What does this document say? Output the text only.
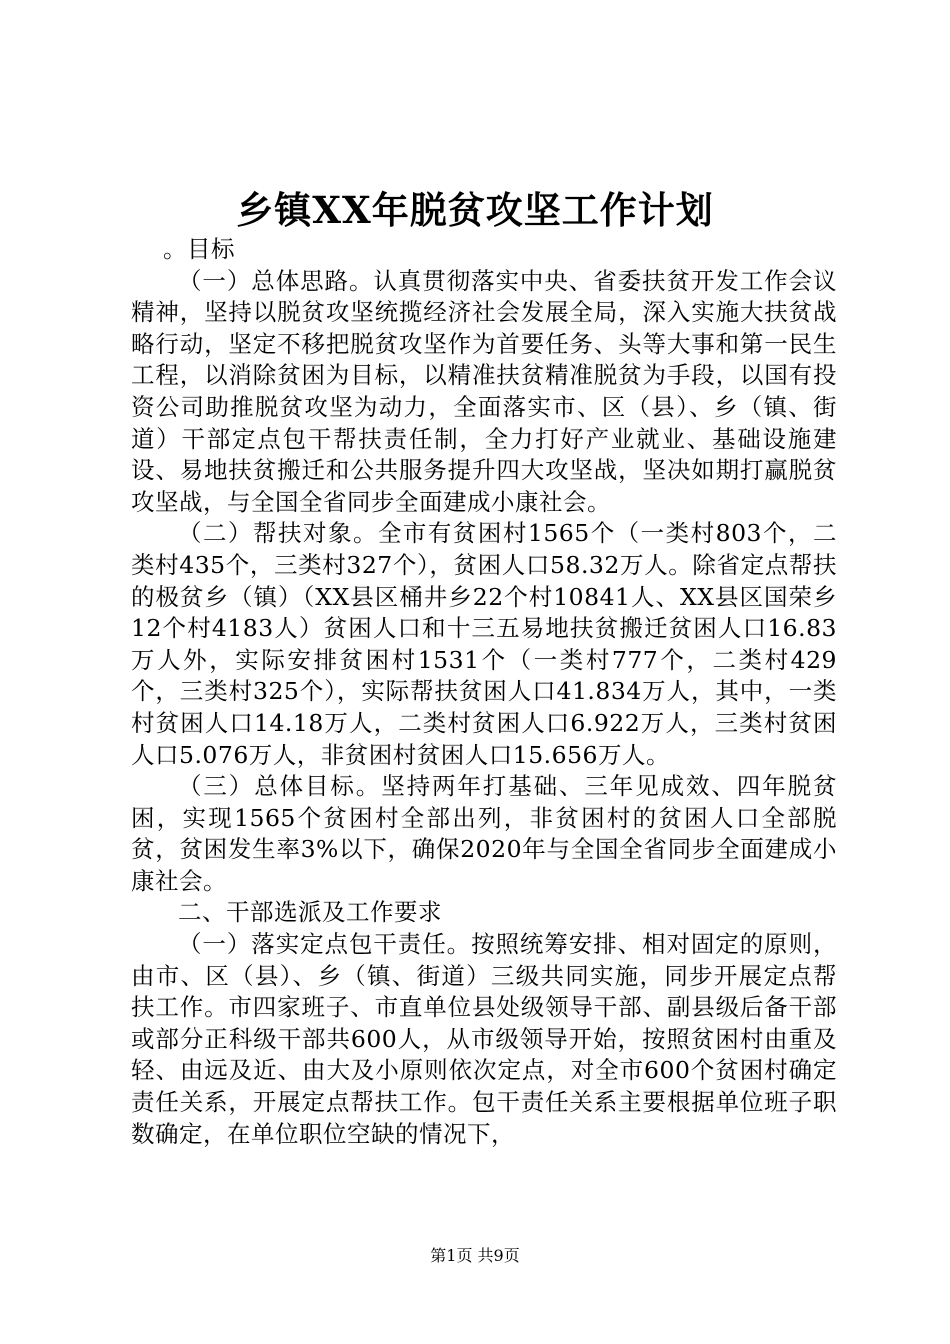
乡镇XX年脱贫攻坚工作计划

。目标

（一）总体思路。认真贯彻落实中央、省委扶贫开发工作会议精神，坚持以脱贫攻坚统揽经济社会发展全局，深入实施大扶贫战略行动，坚定不移把脱贫攻坚作为首要任务、头等大事和第一民生工程，以消除贫困为目标，以精准扶贫精准脱贫为手段，以国有投资公司助推脱贫攻坚为动力，全面落实市、区（县）、乡（镇、街道）干部定点包干帮扶责任制，全力打好产业就业、基础设施建设、易地扶贫搬迁和公共服务提升四大攻坚战，坚决如期打赢脱贫攻坚战，与全国全省同步全面建成小康社会。

（二）帮扶对象。全市有贫困村1565个（一类村803个，二类村435个，三类村327个），贫困人口58.32万人。除省定点帮扶的极贫乡（镇）（XX县区桶井乡22个村10841人、XX县区国荣乡12个村4183人）贫困人口和十三五易地扶贫搬迁贫困人口16.83万人外，实际安排贫困村1531个（一类村777个，二类村429个，三类村325个），实际帮扶贫困人口41.834万人，其中，一类村贫困人口14.18万人，二类村贫困人口6.922万人，三类村贫困人口5.076万人，非贫困村贫困人口15.656万人。

（三）总体目标。坚持两年打基础、三年见成效、四年脱贫困，实现1565个贫困村全部出列，非贫困村的贫困人口全部脱贫，贫困发生率3%以下，确保2020年与全国全省同步全面建成小康社会。

二、干部选派及工作要求

（一）落实定点包干责任。按照统筹安排、相对固定的原则，由市、区（县）、乡（镇、街道）三级共同实施，同步开展定点帮扶工作。市四家班子、市直单位县处级领导干部、副县级后备干部或部分正科级干部共600人，从市级领导开始，按照贫困村由重及轻、由远及近、由大及小原则依次定点，对全市600个贫困村确定责任关系，开展定点帮扶工作。包干责任关系主要根据单位班子职数确定，在单位职位空缺的情况下，

第1页 共9页
